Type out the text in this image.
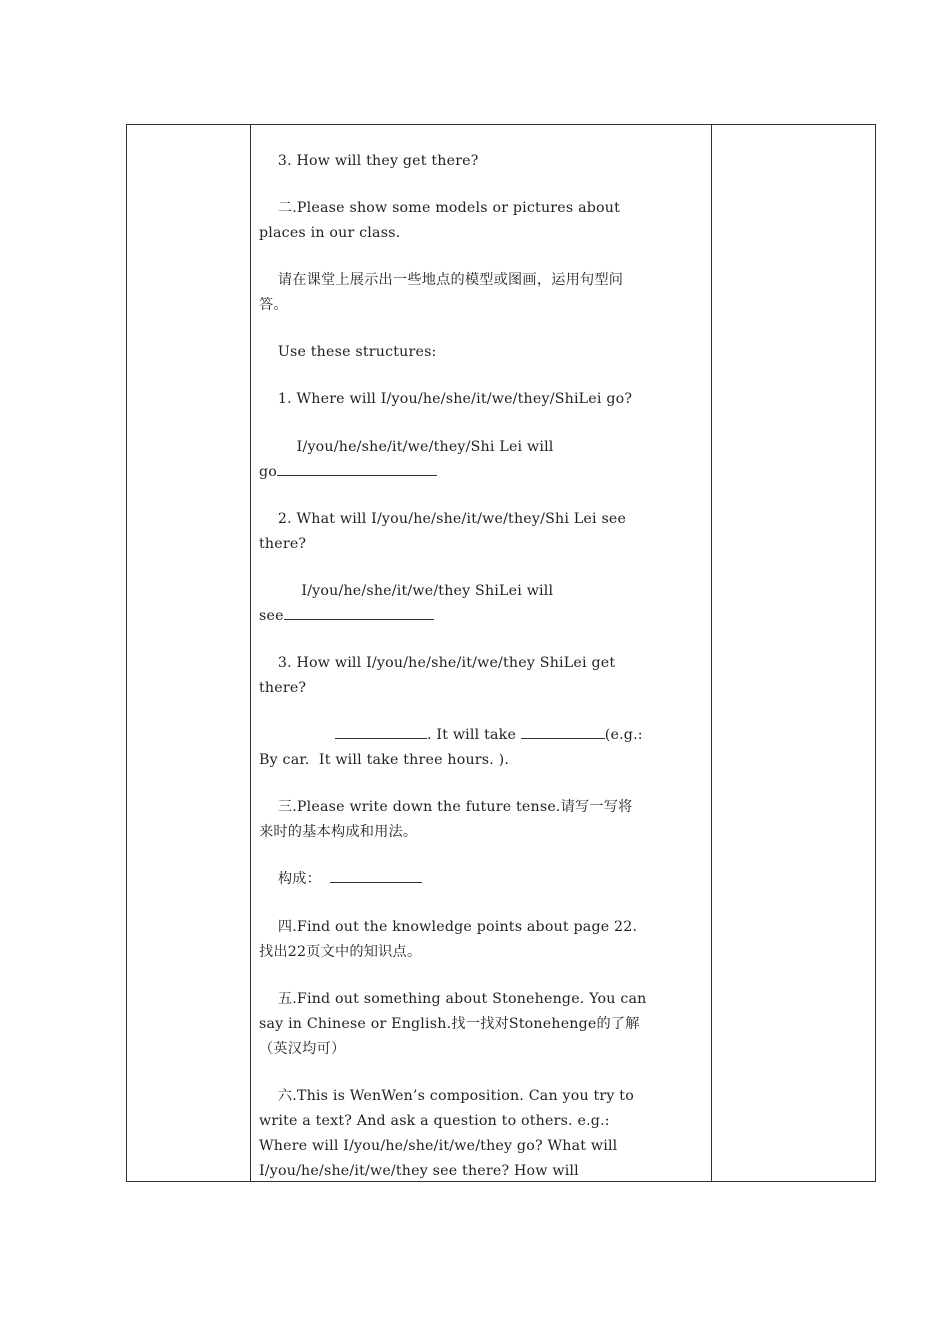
3. How will they get there?
二.Please show some models or pictures about
places in our class.
请在课堂上展示出一些地点的模型或图画，运用句型问
答。
Use these structures:
1. Where will I/you/he/she/it/we/they/ShiLei go?
I/you/he/she/it/we/they/Shi Lei will
go
2. What will I/you/he/she/it/we/they/Shi Lei see
there?
I/you/he/she/it/we/they ShiLei will
see
3. How will I/you/he/she/it/we/they ShiLei get
there?
. It will take	(e.g.:
By car.  It will take three hours. ).
三.Please write down the future tense.请写一写将
来时的基本构成和用法。
构成：
四.Find out the knowledge points about page 22.
找出22页文中的知识点。
五.Find out something about Stonehenge. You can
say in Chinese or English.找一找对Stonehenge的了解
（英汉均可）
六.This is WenWen’s composition. Can you try to
write a text? And ask a question to others. e.g.:
Where will I/you/he/she/it/we/they go? What will
I/you/he/she/it/we/they see there? How will
